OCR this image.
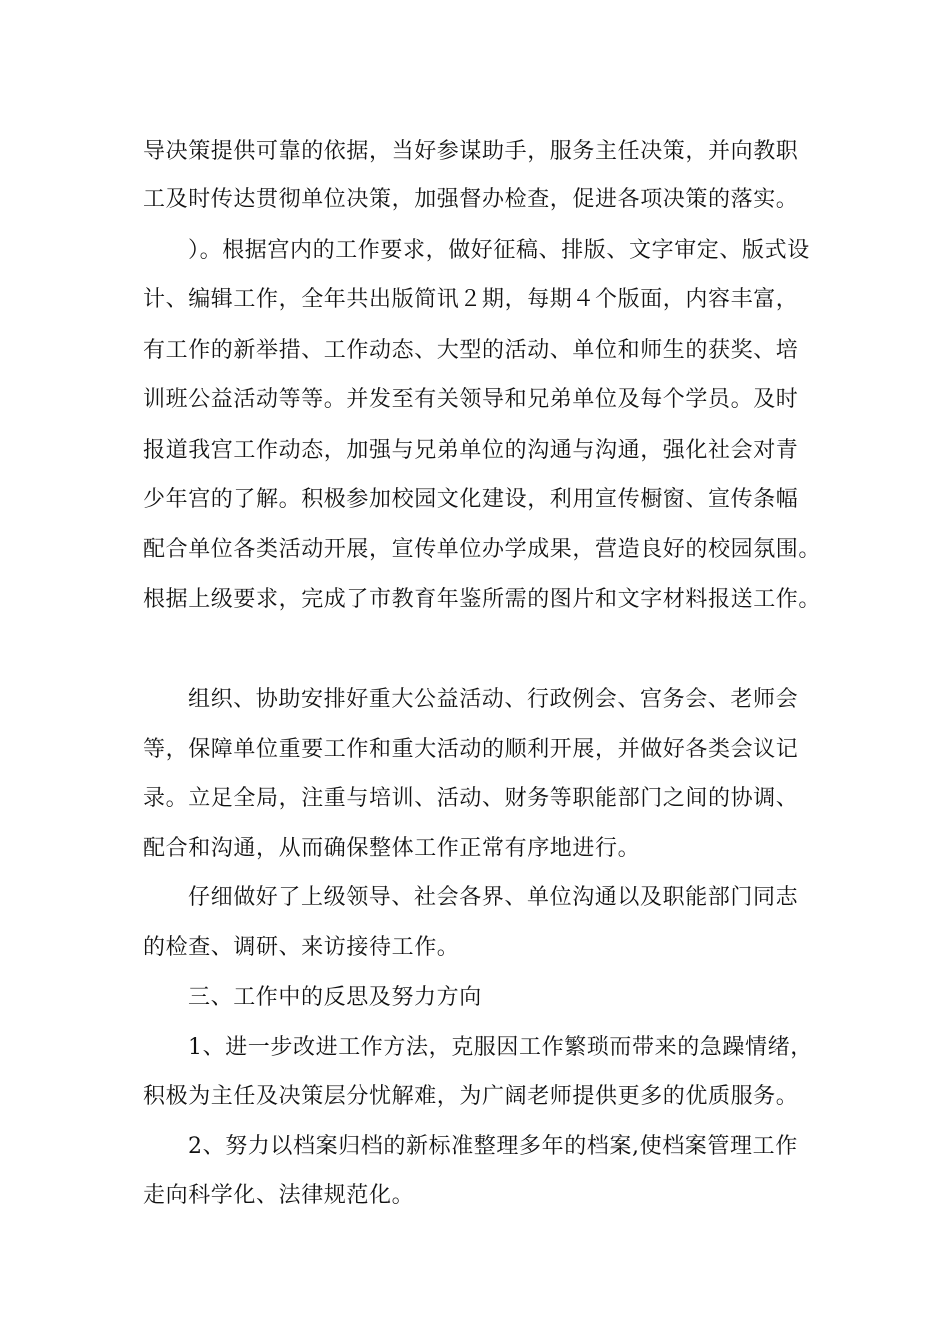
导决策提供可靠的依据，当好参谋助手，服务主任决策，并向教职
工及时传达贯彻单位决策，加强督办检查，促进各项决策的落实。
）。根据宫内的工作要求，做好征稿、排版、文字审定、版式设
计、编辑工作，全年共出版简讯２期，每期４个版面，内容丰富，
有工作的新举措、工作动态、大型的活动、单位和师生的获奖、培
训班公益活动等等。并发至有关领导和兄弟单位及每个学员。及时
报道我宫工作动态，加强与兄弟单位的沟通与沟通，强化社会对青
少年宫的了解。积极参加校园文化建设，利用宣传橱窗、宣传条幅
配合单位各类活动开展，宣传单位办学成果，营造良好的校园氛围。
根据上级要求，完成了市教育年鉴所需的图片和文字材料报送工作。
组织、协助安排好重大公益活动、行政例会、宫务会、老师会
等，保障单位重要工作和重大活动的顺利开展，并做好各类会议记
录。立足全局，注重与培训、活动、财务等职能部门之间的协调、
配合和沟通，从而确保整体工作正常有序地进行。
仔细做好了上级领导、社会各界、单位沟通以及职能部门同志
的检查、调研、来访接待工作。
三、工作中的反思及努力方向
1、进一步改进工作方法，克服因工作繁琐而带来的急躁情绪，
积极为主任及决策层分忧解难，为广阔老师提供更多的优质服务。
2、努力以档案归档的新标准整理多年的档案,使档案管理工作
走向科学化、法律规范化。
